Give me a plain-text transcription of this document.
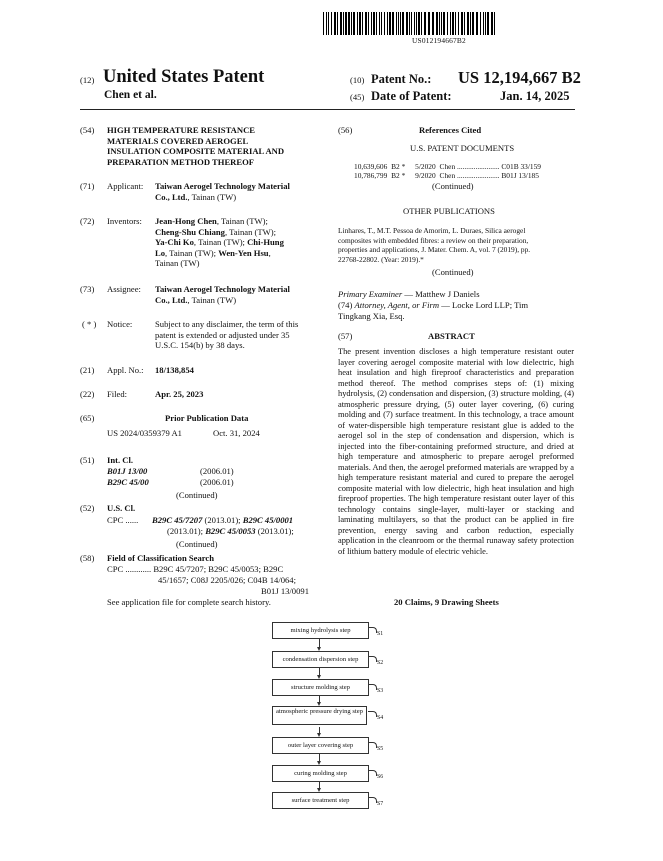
US012194667B2
(12) United States Patent
Chen et al.
(10) Patent No.: US 12,194,667 B2
(45) Date of Patent:	Jan. 14, 2025
(54) HIGH TEMPERATURE RESISTANCE
MATERIALS COVERED AEROGEL
INSULATION COMPOSITE MATERIAL AND
PREPARATION METHOD THEREOF
(71) Applicant: Taiwan Aerogel Technology Material
Co., Ltd., Tainan (TW)
(72) Inventors: Jean-Hong Chen, Tainan (TW);
Cheng-Shu Chiang, Tainan (TW);
Ya-Chi Ko, Tainan (TW); Chi-Hung
Lo, Tainan (TW); Wen-Yen Hsu,
Tainan (TW)
(73) Assignee: Taiwan Aerogel Technology Material
Co., Ltd., Tainan (TW)
( * ) Notice:	Subject to any disclaimer, the term of this
patent is extended or adjusted under 35
U.S.C. 154(b) by 38 days.
(21) Appl. No.: 18/138,854
(22) Filed:	Apr. 25, 2023
(65)	Prior Publication Data
US 2024/0359379 A1	Oct. 31, 2024
(51) Int. Cl.
B01J 13/00	(2006.01)
B29C 45/00	(2006.01)
(Continued)
(52) U.S. Cl.
CPC ...... B29C 45/7207 (2013.01); B29C 45/0001
(2013.01); B29C 45/0053 (2013.01);
(Continued)
(58) Field of Classification Search
CPC ............ B29C 45/7207; B29C 45/0053; B29C
45/1657; C08J 2205/026; C04B 14/064;
B01J 13/0091
See application file for complete search history.
(56)	References Cited
U.S. PATENT DOCUMENTS
10,639,606 B2 * 5/2020 Chen ....................... C01B 33/159
10,786,799 B2 * 9/2020 Chen ....................... B01J 13/185
(Continued)
OTHER PUBLICATIONS
Linhares, T., M.T. Pessoa de Amorim, L. Duraes, Silica aerogel
composites with embedded fibres: a review on their preparation,
properties and applications, J. Mater. Chem. A, vol. 7 (2019), pp.
22768-22802. (Year: 2019).*
(Continued)
Primary Examiner — Matthew J Daniels
(74) Attorney, Agent, or Firm — Locke Lord LLP; Tim
Tingkang Xia, Esq.
(57)	ABSTRACT
The present invention discloses a high temperature resistant outer layer covering aerogel composite material with low dielectric, high heat insulation and high fireproof characteristics and preparation method thereof. The method comprises steps of: (1) mixing hydrolysis, (2) condensation and dispersion, (3) structure molding, (4) atmospheric pressure drying, (5) outer layer covering, (6) curing molding and (7) surface treatment. In this technology, a trace amount of water-dispersible high temperature resistant glue is added to the aerogel sol in the step of condensation and dispersion, which is injected into the fiber-containing preformed structure, and dried at high temperature and atmospheric to prepare aerogel preformed materials. And then, the aerogel preformed materials are wrapped by a high temperature resistant material and cured to prepare the aerogel composite material with low dielectric, high heat insulation and high fireproof properties. The high temperature resistant outer layer of this technology contains single-layer, multi-layer or stacking and laminating multilayers, so that the product can be applied in fire prevention, energy saving and carbon reduction, especially application in the cleanroom or the thermal runaway safety protection of lithium battery module of electric vehicle.
20 Claims, 9 Drawing Sheets
mixing hydrolysis step	S1
condensation dispersion step	S2
structure molding step	S3
atmospheric pressure drying step
S4
outer layer covering step	S5
curing molding step	S6
surface treatment step	S7
